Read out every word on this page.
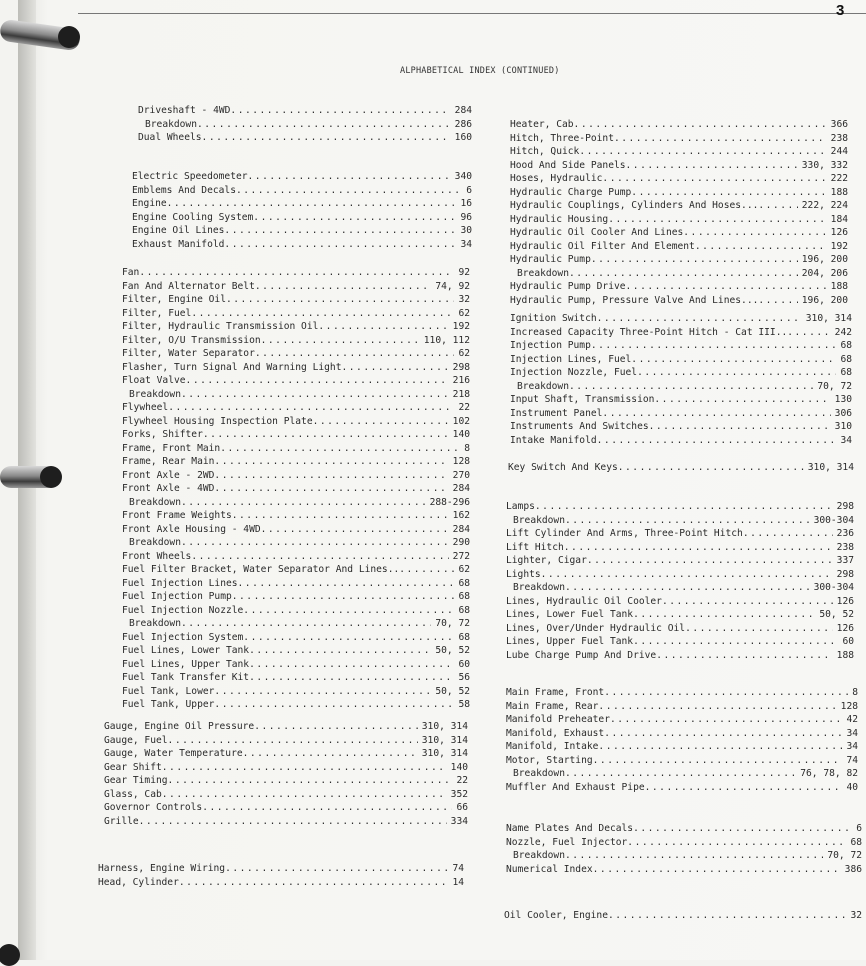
3
ALPHABETICAL INDEX (CONTINUED)
Driveshaft - 4WD .....	284
Breakdown .....	286
Dual Wheels .....	160
Electric Speedometer .....	340
Emblems And Decals .....	6
Engine .....	16
Engine Cooling System .....	96
Engine Oil Lines .....	30
Exhaust Manifold .....	34
Fan .....	92
Fan And Alternator Belt .....	74, 92
Filter, Engine Oil .....	32
Filter, Fuel .....	62
Filter, Hydraulic Transmission Oil .....	192
Filter, O/U Transmission .....	110, 112
Filter, Water Separator .....	62
Flasher, Turn Signal And Warning Light .....	298
Float Valve .....	216
Breakdown .....	218
Flywheel .....	22
Flywheel Housing Inspection Plate .....	102
Forks, Shifter .....	140
Frame, Front Main .....	8
Frame, Rear Main .....	128
Front Axle - 2WD .....	270
Front Axle - 4WD .....	284
Breakdown .....	288-296
Front Frame Weights .....	162
Front Axle Housing - 4WD .....	284
Breakdown .....	290
Front Wheels .....	272
Fuel Filter Bracket, Water Separator And Lines.. .....	62
Fuel Injection Lines .....	68
Fuel Injection Pump .....	68
Fuel Injection Nozzle .....	68
Breakdown .....	70, 72
Fuel Injection System .....	68
Fuel Lines, Lower Tank .....	50, 52
Fuel Lines, Upper Tank .....	60
Fuel Tank Transfer Kit .....	56
Fuel Tank, Lower .....	50, 52
Fuel Tank, Upper .....	58
Gauge, Engine Oil Pressure .....	310, 314
Gauge, Fuel .....	310, 314
Gauge, Water Temperature .....	310, 314
Gear Shift .....	140
Gear Timing .....	22
Glass, Cab .....	352
Governor Controls .....	66
Grille .....	334
Harness, Engine Wiring .....	74
Head, Cylinder .....	14
Heater, Cab .....	366
Hitch, Three-Point .....	238
Hitch, Quick .....	244
Hood And Side Panels .....	330, 332
Hoses, Hydraulic .....	222
Hydraulic Charge Pump .....	188
Hydraulic Couplings, Cylinders And Hoses... .....	222, 224
Hydraulic Housing .....	184
Hydraulic Oil Cooler And Lines .....	126
Hydraulic Oil Filter And Element .....	192
Hydraulic Pump .....	196, 200
Breakdown .....	204, 206
Hydraulic Pump Drive .....	188
Hydraulic Pump, Pressure Valve And Lines... .....	196, 200
Ignition Switch .....	310, 314
Increased Capacity Three-Point Hitch - Cat III.. .....	242
Injection Pump .....	68
Injection Lines, Fuel .....	68
Injection Nozzle, Fuel .....	68
Breakdown .....	70, 72
Input Shaft, Transmission .....	130
Instrument Panel .....	306
Instruments And Switches .....	310
Intake Manifold .....	34
Key Switch And Keys .....	310, 314
Lamps .....	298
Breakdown .....	300-304
Lift Cylinder And Arms, Three-Point Hitch .....	236
Lift Hitch .....	238
Lighter, Cigar .....	337
Lights .....	298
Breakdown .....	300-304
Lines, Hydraulic Oil Cooler .....	126
Lines, Lower Fuel Tank .....	50, 52
Lines, Over/Under Hydraulic Oil .....	126
Lines, Upper Fuel Tank .....	60
Lube Charge Pump And Drive .....	188
Main Frame, Front .....	8
Main Frame, Rear .....	128
Manifold Preheater .....	42
Manifold, Exhaust .....	34
Manifold, Intake .....	34
Motor, Starting .....	74
Breakdown .....	76, 78, 82
Muffler And Exhaust Pipe .....	40
Name Plates And Decals .....	6
Nozzle, Fuel Injector .....	68
Breakdown .....	70, 72
Numerical Index .....	386
Oil Cooler, Engine .....	32
